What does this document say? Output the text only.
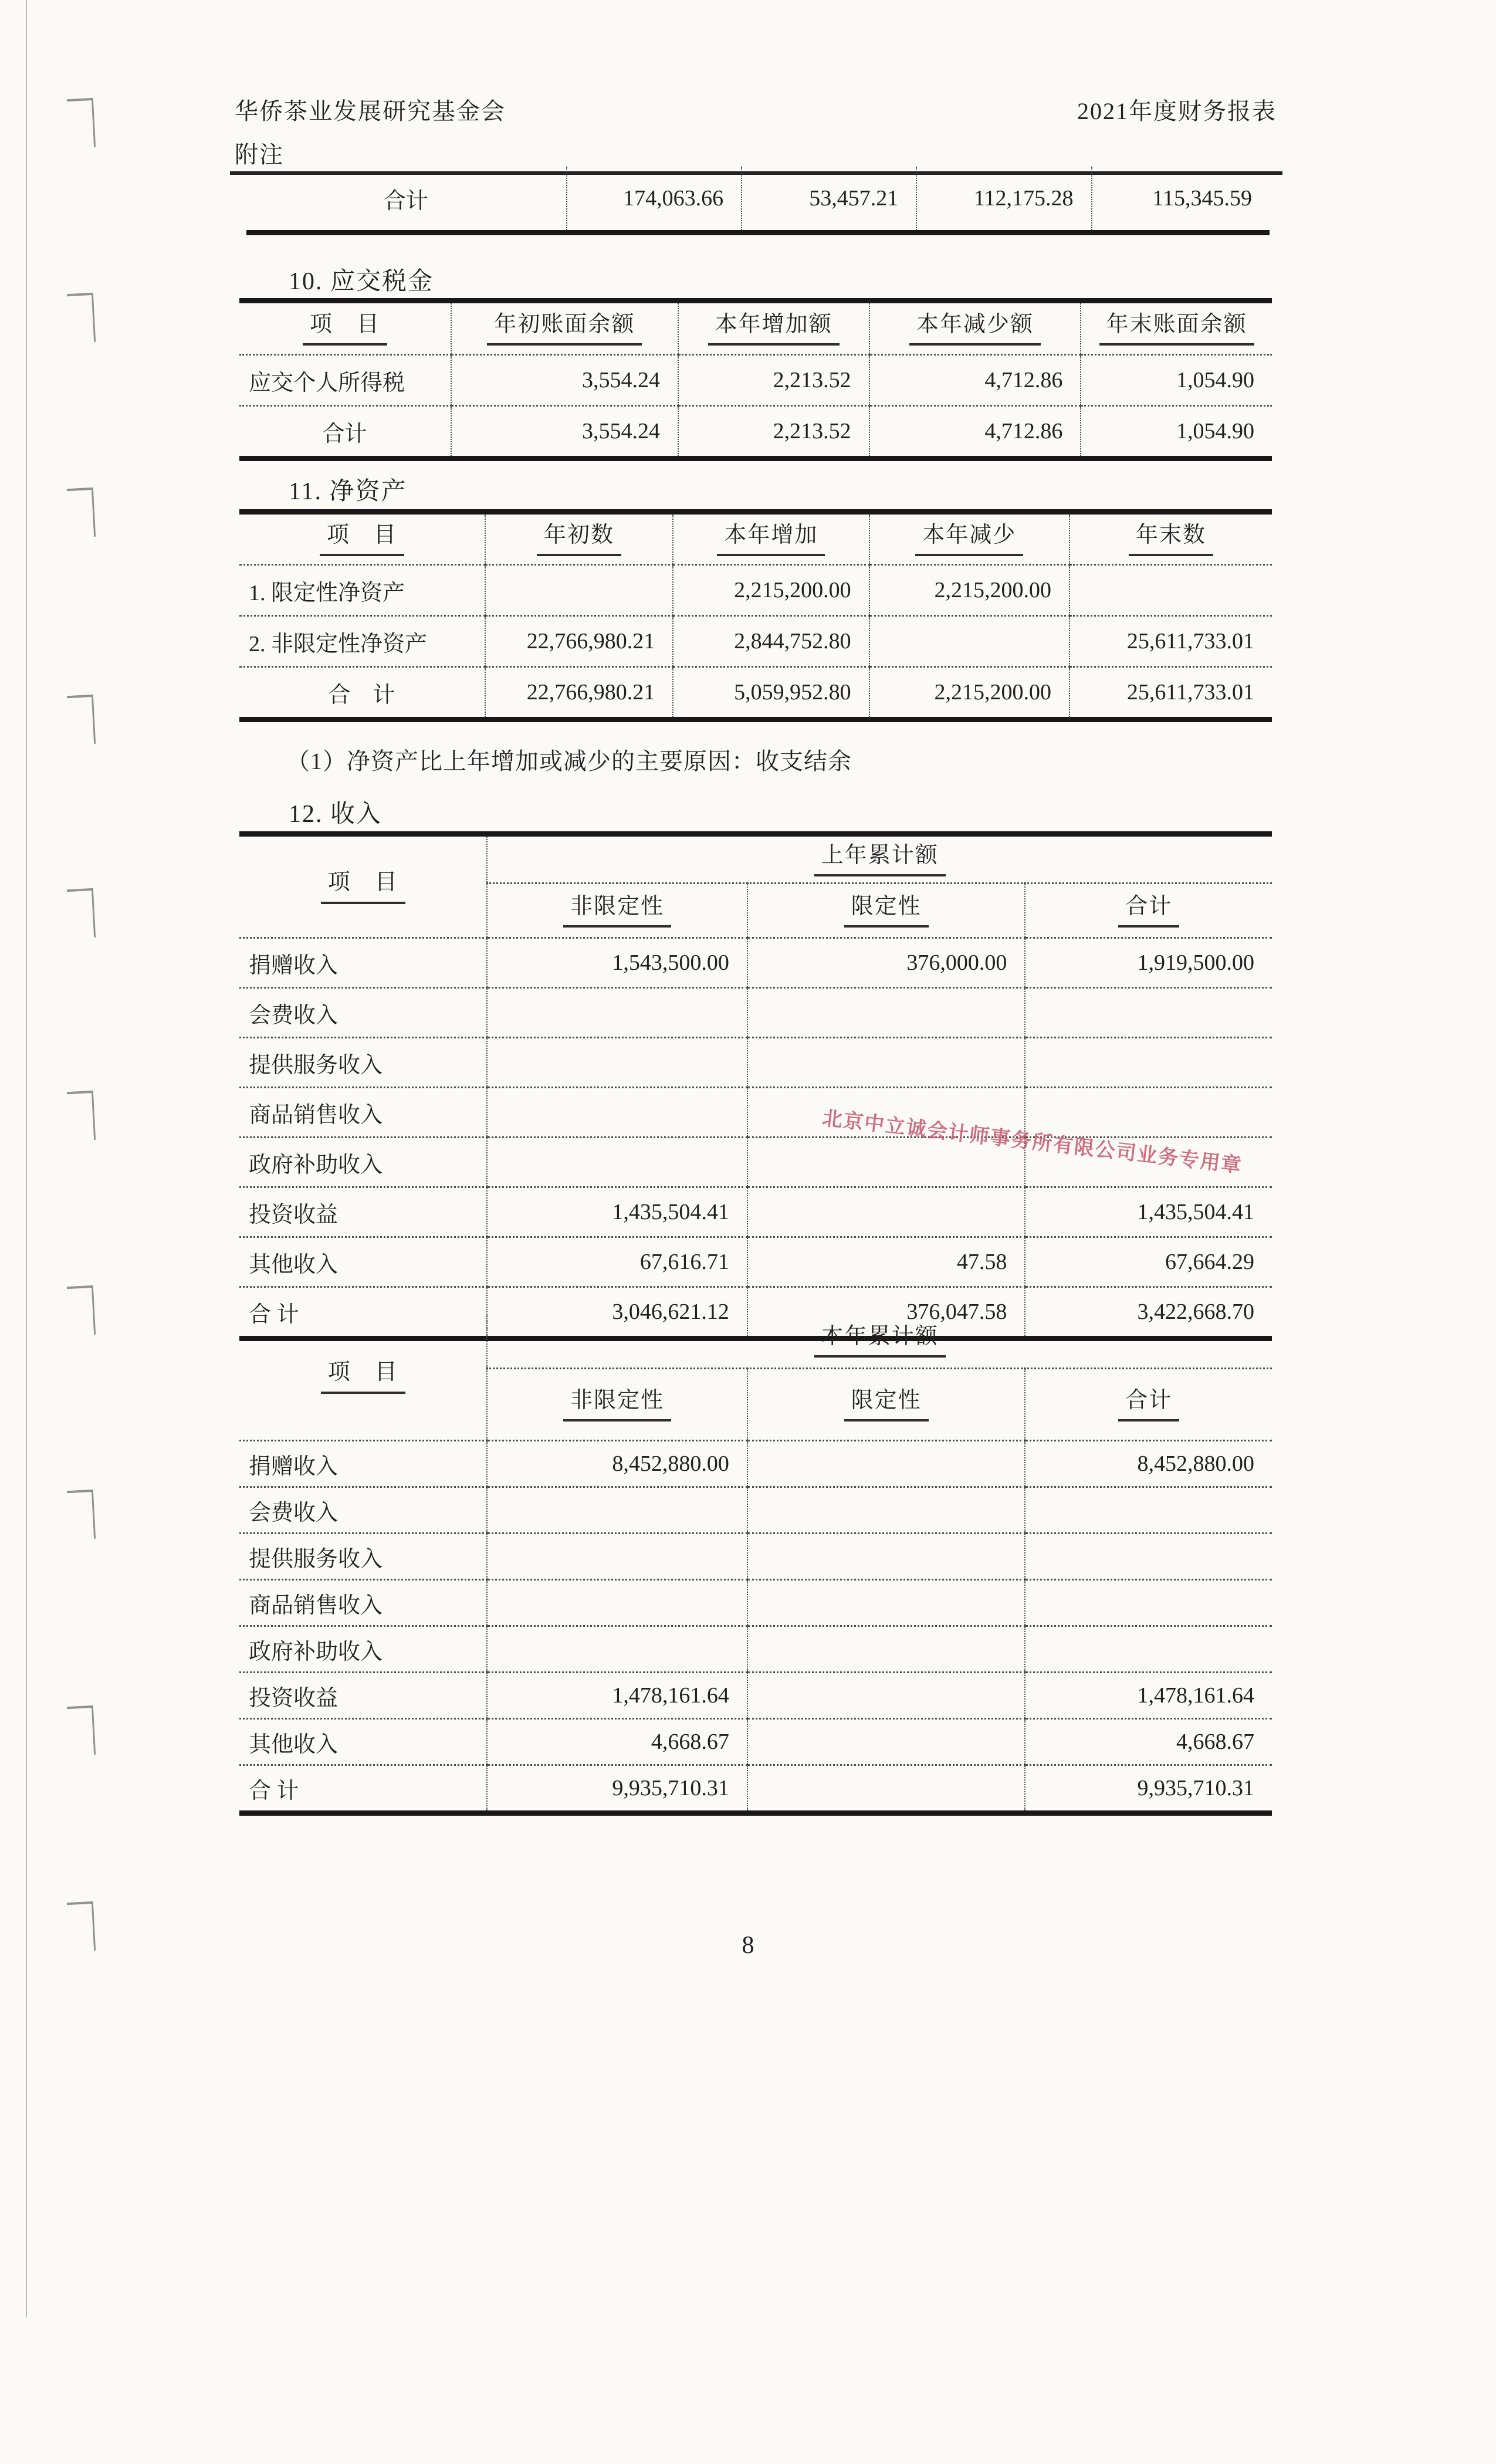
华侨茶业发展研究基金会	2021年度财务报表
附注
合计	174,063.66	53,457.21	112,175.28	115,345.59
10. 应交税金
项　目	年初账面余额	本年增加额	本年减少额	年末账面余额
应交个人所得税	3,554.24	2,213.52	4,712.86	1,054.90
合计	3,554.24	2,213.52	4,712.86	1,054.90
11. 净资产
项　目	年初数	本年增加	本年减少	年末数
1. 限定性净资产		2,215,200.00	2,215,200.00	
2. 非限定性净资产	22,766,980.21	2,844,752.80		25,611,733.01
合　计	22,766,980.21	5,059,952.80	2,215,200.00	25,611,733.01
（1）净资产比上年增加或减少的主要原因：收支结余
12. 收入
项　目	上年累计额		
	非限定性	限定性	合计
捐赠收入	1,543,500.00	376,000.00	1,919,500.00
会费收入			
提供服务收入			
商品销售收入			
政府补助收入			
投资收益	1,435,504.41		1,435,504.41
其他收入	67,616.71	47.58	67,664.29
合 计	3,046,621.12	376,047.58	3,422,668.70
项　目	本年累计额		
	非限定性	限定性	合计
捐赠收入	8,452,880.00		8,452,880.00
会费收入			
提供服务收入			
商品销售收入			
政府补助收入			
投资收益	1,478,161.64		1,478,161.64
其他收入	4,668.67		4,668.67
合 计	9,935,710.31		9,935,710.31
北京中立诚会计师事务所有限公司业务专用章
8
